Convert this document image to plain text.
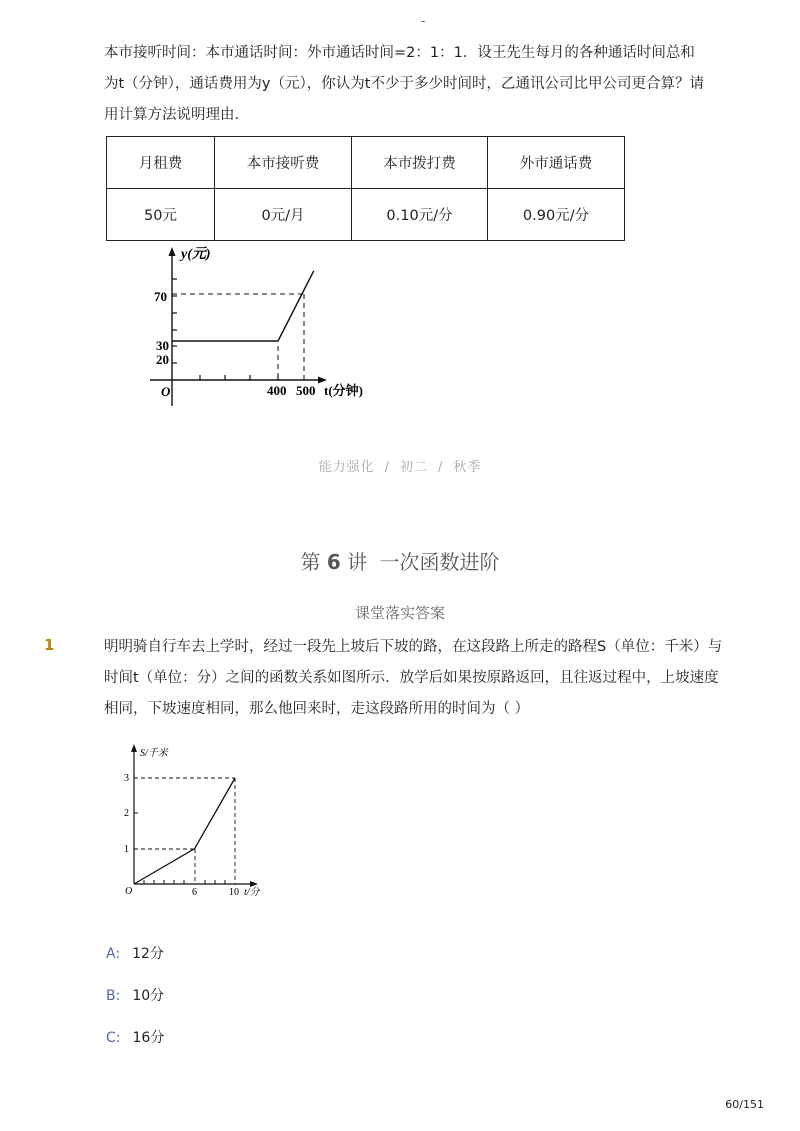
-

本市接听时间：本市通话时间：外市通话时间=2：1：1．设王先生每月的各种通话时间总和

为t（分钟），通话费用为y（元），你认为t不少于多少时间时，乙通讯公司比甲公司更合算？请

用计算方法说明理由．

月租费	本市接听费	本市拨打费	外市通话费
50元	0元/月	0.10元/分	0.90元/分
y(元)
70
30
20
O	400 500 t(分钟)
能力强化 / 初二 / 秋季
第 6 讲 一次函数进阶
课堂落实答案
1	明明骑自行车去上学时，经过一段先上坡后下坡的路，在这段路上所走的路程S（单位：千米）与

时间t（单位：分）之间的函数关系如图所示．放学后如果按原路返回，且往返过程中，上坡速度

相同，下坡速度相同，那么他回来时，走这段路所用的时间为（ ）

S/千米
3
2
1
O	6	10 t/分
A: 12分
B: 10分
C: 16分
60/151
